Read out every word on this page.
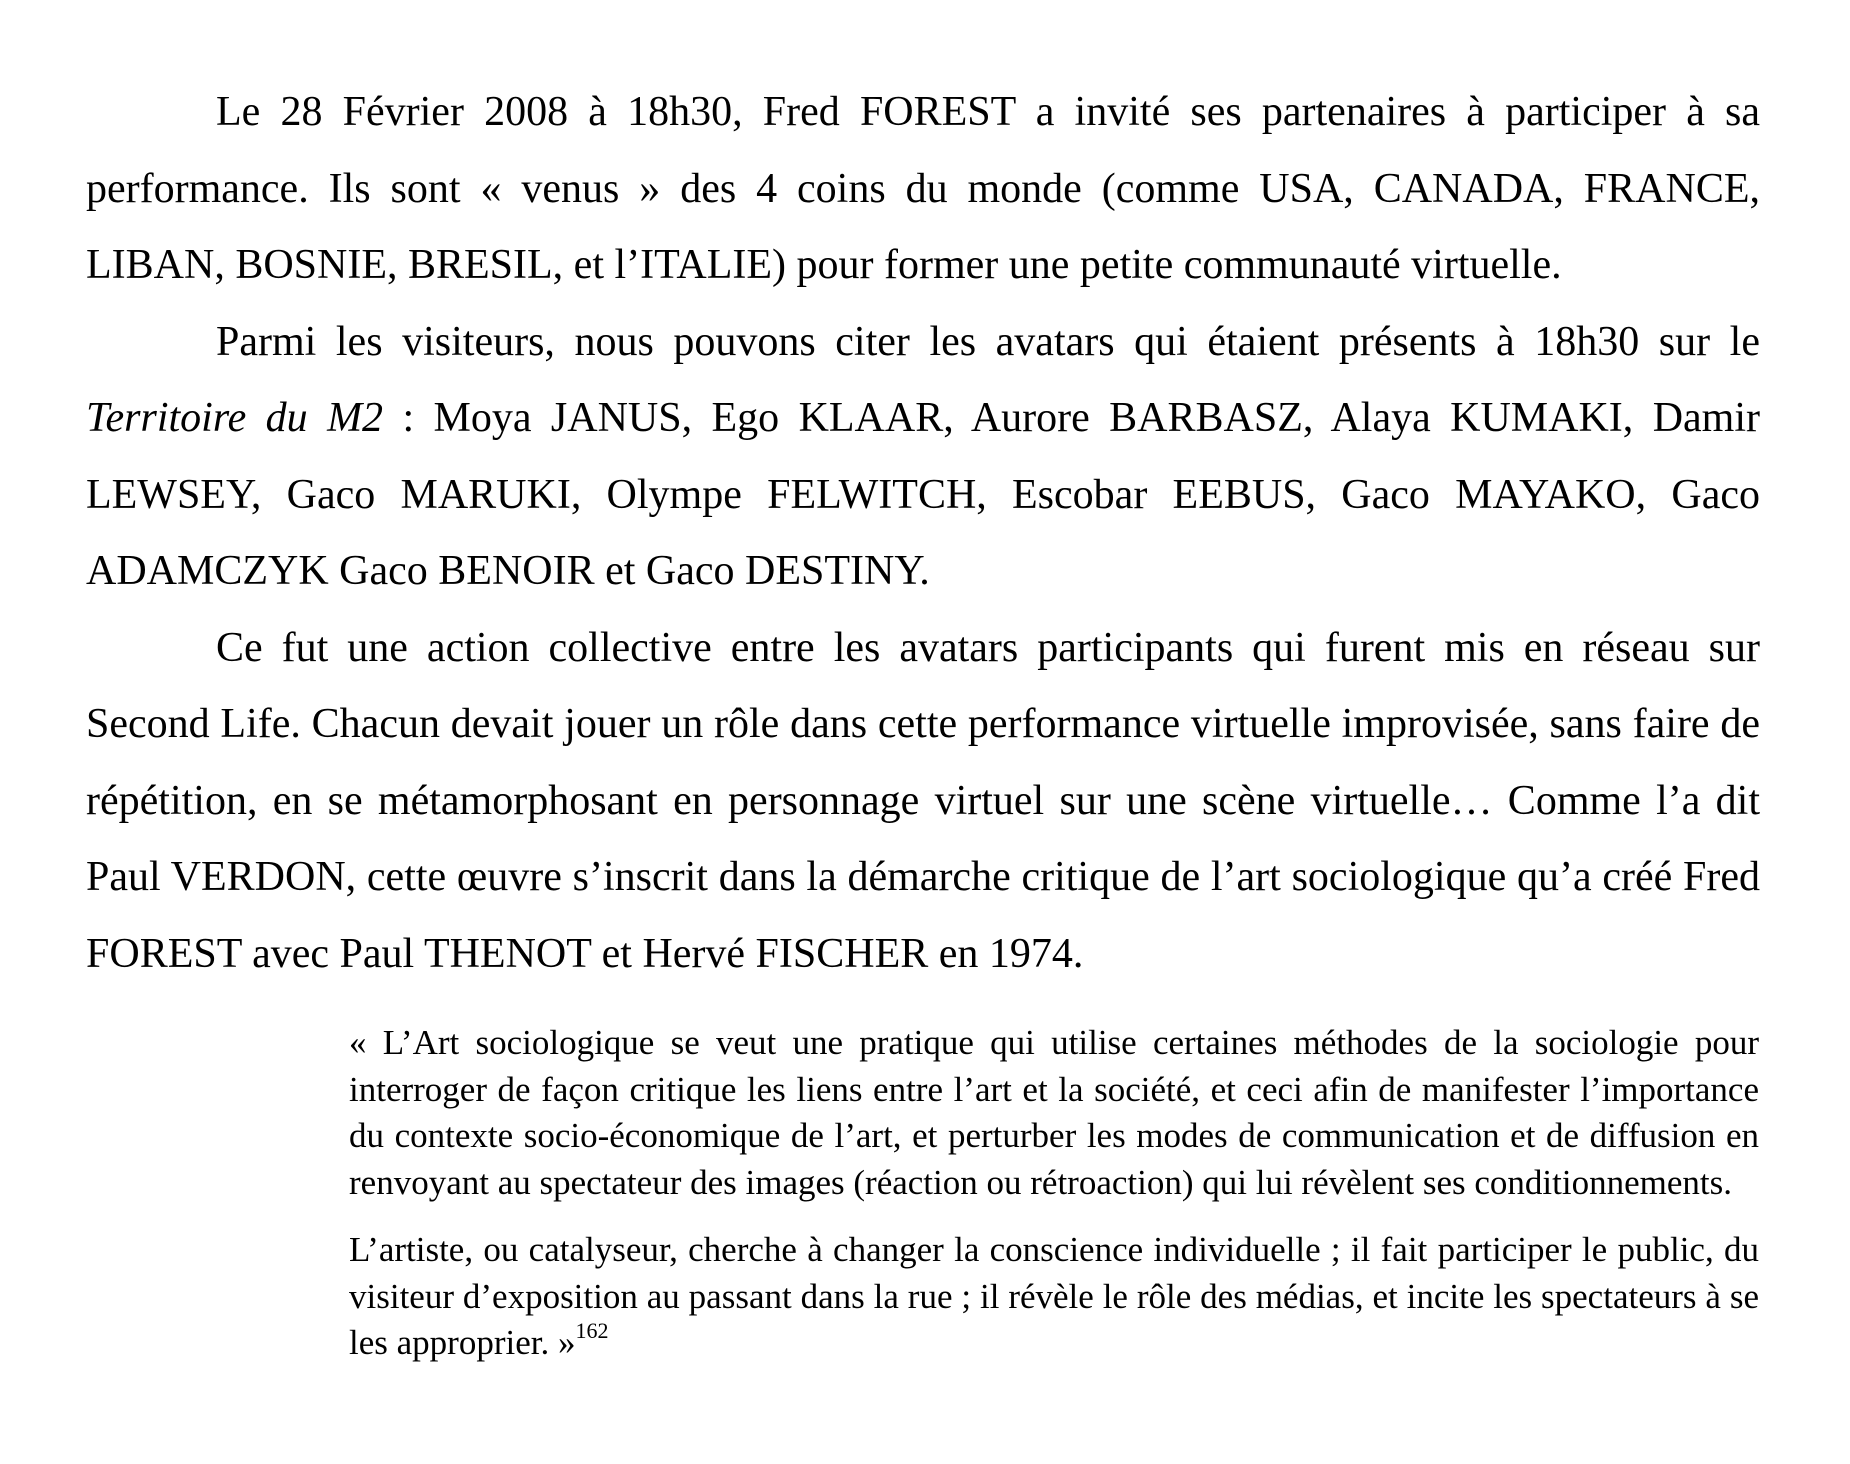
Le 28 Février 2008 à 18h30, Fred FOREST a invité ses partenaires à participer à sa performance. Ils sont « venus » des 4 coins du monde (comme USA, CANADA, FRANCE, LIBAN, BOSNIE, BRESIL, et l’ITALIE) pour former une petite communauté virtuelle.

Parmi les visiteurs, nous pouvons citer les avatars qui étaient présents à 18h30 sur le Territoire du M2 : Moya JANUS, Ego KLAAR, Aurore BARBASZ, Alaya KUMAKI, Damir LEWSEY, Gaco MARUKI, Olympe FELWITCH, Escobar EEBUS, Gaco MAYAKO, Gaco ADAMCZYK Gaco BENOIR et Gaco DESTINY.

Ce fut une action collective entre les avatars participants qui furent mis en réseau sur Second Life. Chacun devait jouer un rôle dans cette performance virtuelle improvisée, sans faire de répétition, en se métamorphosant en personnage virtuel sur une scène virtuelle… Comme l’a dit Paul VERDON, cette œuvre s’inscrit dans la démarche critique de l’art sociologique qu’a créé Fred FOREST avec Paul THENOT et Hervé FISCHER en 1974.

« L’Art sociologique se veut une pratique qui utilise certaines méthodes de la sociologie pour interroger de façon critique les liens entre l’art et la société, et ceci afin de manifester l’importance du contexte socio-économique de l’art, et perturber les modes de communication et de diffusion en renvoyant au spectateur des images (réaction ou rétroaction) qui lui révèlent ses conditionnements.

L’artiste, ou catalyseur, cherche à changer la conscience individuelle ; il fait participer le public, du visiteur d’exposition au passant dans la rue ; il révèle le rôle des médias, et incite les spectateurs à se les approprier. »$^{162}$
